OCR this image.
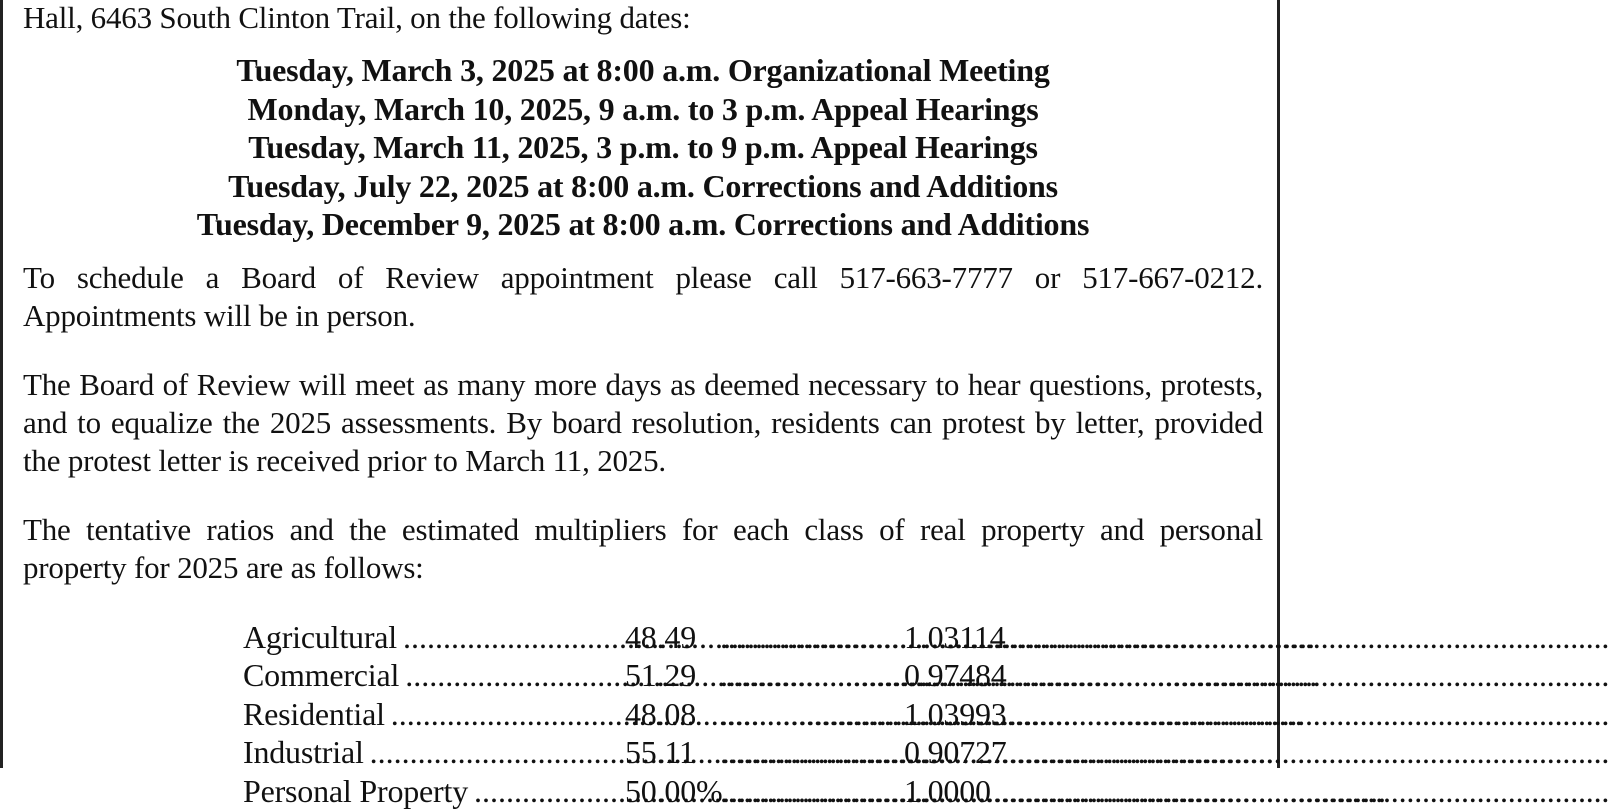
Hall, 6463 South Clinton Trail, on the following dates:
Tuesday, March 3, 2025 at 8:00 a.m. Organizational Meeting
Monday, March 10, 2025, 9 a.m. to 3 p.m. Appeal Hearings
Tuesday, March 11, 2025, 3 p.m. to 9 p.m. Appeal Hearings
Tuesday, July 22, 2025 at 8:00 a.m. Corrections and Additions
Tuesday, December 9, 2025 at 8:00 a.m. Corrections and Additions

To schedule a Board of Review appointment please call 517-663-7777 or 517-667-0212. Appointments will be in person.

The Board of Review will meet as many more days as deemed necessary to hear questions, protests, and to equalize the 2025 assessments. By board resolution, residents can protest by letter, provided the protest letter is received prior to March 11, 2025.

The tentative ratios and the estimated multipliers for each class of real property and personal property for 2025 are as follows:

Agricultural .....	48.49 .....	1.03114
Commercial .....	51.29 .....	0.97484
Residential .....	48.08 .....	1.03993
Industrial .....	55.11 .....	0.90727
Personal Property .....	50.00% .....	1.0000
